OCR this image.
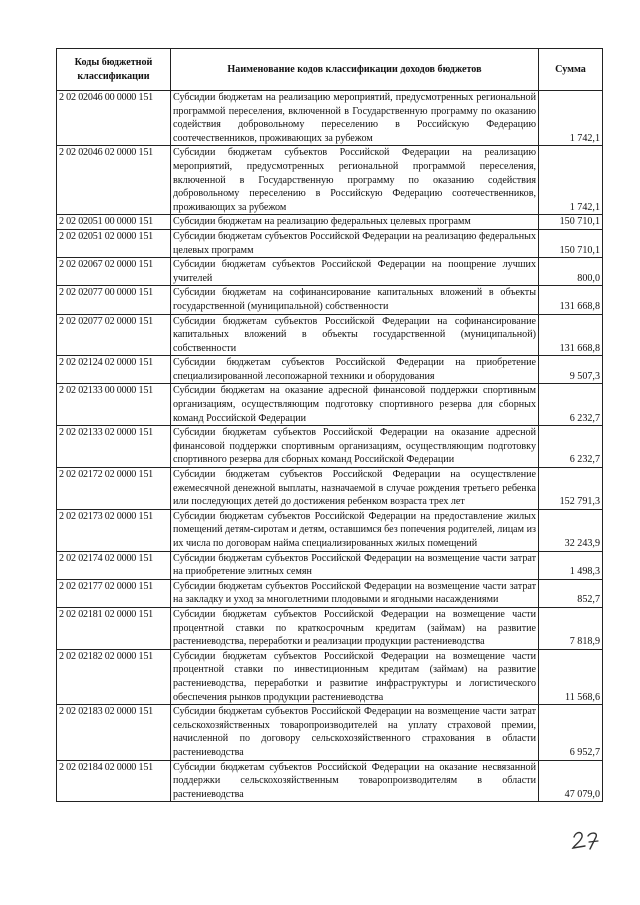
Коды бюджетной классификации	Наименование кодов классификации доходов бюджетов	Сумма
2 02 02046 00 0000 151	Субсидии бюджетам на реализацию мероприятий, предусмотренных региональной программой переселения, включенной в Государственную программу по оказанию содействия добровольному переселению в Российскую Федерацию соотечественников, проживающих за рубежом	1 742,1
2 02 02046 02 0000 151	Субсидии бюджетам субъектов Российской Федерации на реализацию мероприятий, предусмотренных региональной программой переселения, включенной в Государственную программу по оказанию содействия добровольному переселению в Российскую Федерацию соотечественников, проживающих за рубежом	1 742,1
2 02 02051 00 0000 151	Субсидии бюджетам на реализацию федеральных целевых программ	150 710,1
2 02 02051 02 0000 151	Субсидии бюджетам субъектов Российской Федерации на реализацию федеральных целевых программ	150 710,1
2 02 02067 02 0000 151	Субсидии бюджетам субъектов Российской Федерации на поощрение лучших учителей	800,0
2 02 02077 00 0000 151	Субсидии бюджетам на софинансирование капитальных вложений в объекты государственной (муниципальной) собственности	131 668,8
2 02 02077 02 0000 151	Субсидии бюджетам субъектов Российской Федерации на софинансирование капитальных вложений в объекты государственной (муниципальной) собственности	131 668,8
2 02 02124 02 0000 151	Субсидии бюджетам субъектов Российской Федерации на приобретение специализированной лесопожарной техники и оборудования	9 507,3
2 02 02133 00 0000 151	Субсидии бюджетам на оказание адресной финансовой поддержки спортивным организациям, осуществляющим подготовку спортивного резерва для сборных команд Российской Федерации	6 232,7
2 02 02133 02 0000 151	Субсидии бюджетам субъектов Российской Федерации на оказание адресной финансовой поддержки спортивным организациям, осуществляющим подготовку спортивного резерва для сборных команд Российской Федерации	6 232,7
2 02 02172 02 0000 151	Субсидии бюджетам субъектов Российской Федерации на осуществление ежемесячной денежной выплаты, назначаемой в случае рождения третьего ребенка или последующих детей до достижения ребенком возраста трех лет	152 791,3
2 02 02173 02 0000 151	Субсидии бюджетам субъектов Российской Федерации на предоставление жилых помещений детям-сиротам и детям, оставшимся без попечения родителей, лицам из их числа по договорам найма специализированных жилых помещений	32 243,9
2 02 02174 02 0000 151	Субсидии бюджетам субъектов Российской Федерации на возмещение части затрат на приобретение элитных семян	1 498,3
2 02 02177 02 0000 151	Субсидии бюджетам субъектов Российской Федерации на возмещение части затрат на закладку и уход за многолетними плодовыми и ягодными насаждениями	852,7
2 02 02181 02 0000 151	Субсидии бюджетам субъектов Российской Федерации на возмещение части процентной ставки по краткосрочным кредитам (займам) на развитие растениеводства, переработки и реализации продукции растениеводства	7 818,9
2 02 02182 02 0000 151	Субсидии бюджетам субъектов Российской Федерации на возмещение части процентной ставки по инвестиционным кредитам (займам) на развитие растениеводства, переработки и развитие инфраструктуры и логистического обеспечения рынков продукции растениеводства	11 568,6
2 02 02183 02 0000 151	Субсидии бюджетам субъектов Российской Федерации на возмещение части затрат сельскохозяйственных товаропроизводителей на уплату страховой премии, начисленной по договору сельскохозяйственного страхования в области растениеводства	6 952,7
2 02 02184 02 0000 151	Субсидии бюджетам субъектов Российской Федерации на оказание несвязанной поддержки сельскохозяйственным товаропроизводителям в области растениеводства	47 079,0
